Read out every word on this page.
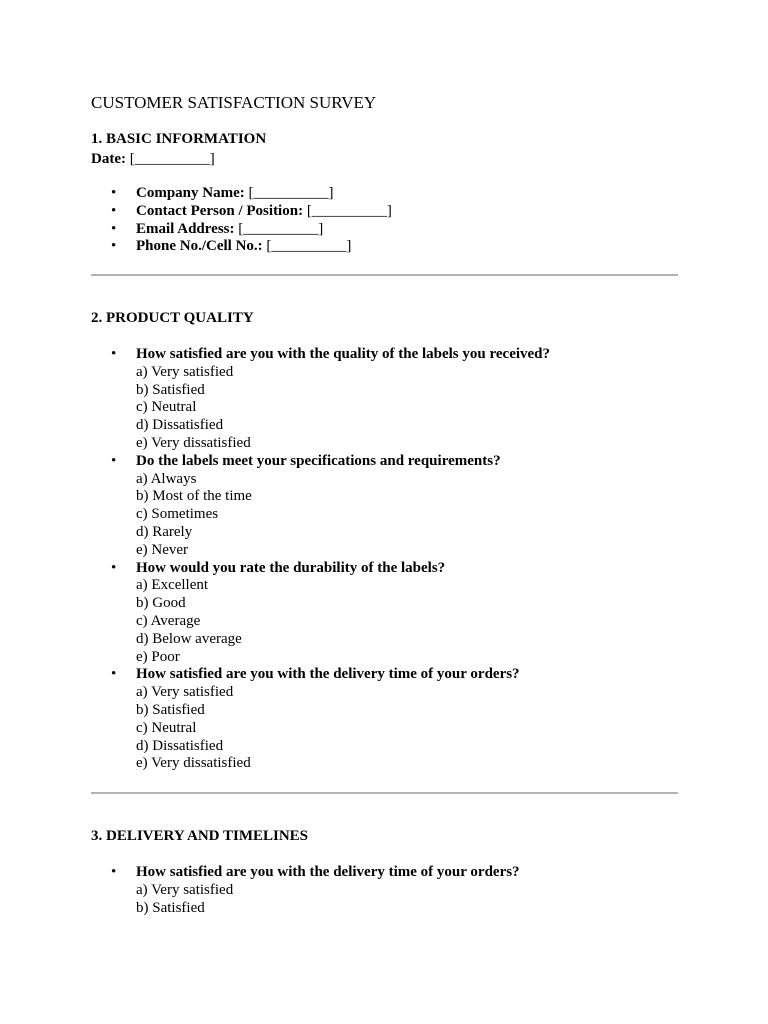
CUSTOMER SATISFACTION SURVEY
1. BASIC INFORMATION
Date: [__________]
• Company Name: [__________]
• Contact Person / Position: [__________]
• Email Address: [__________]
• Phone No./Cell No.: [__________]
2. PRODUCT QUALITY
• How satisfied are you with the quality of the labels you received?
a) Very satisfied
b) Satisfied
c) Neutral
d) Dissatisfied
e) Very dissatisfied
• Do the labels meet your specifications and requirements?
a) Always
b) Most of the time
c) Sometimes
d) Rarely
e) Never
• How would you rate the durability of the labels?
a) Excellent
b) Good
c) Average
d) Below average
e) Poor
• How satisfied are you with the delivery time of your orders?
a) Very satisfied
b) Satisfied
c) Neutral
d) Dissatisfied
e) Very dissatisfied
3. DELIVERY AND TIMELINES
• How satisfied are you with the delivery time of your orders?
a) Very satisfied
b) Satisfied
